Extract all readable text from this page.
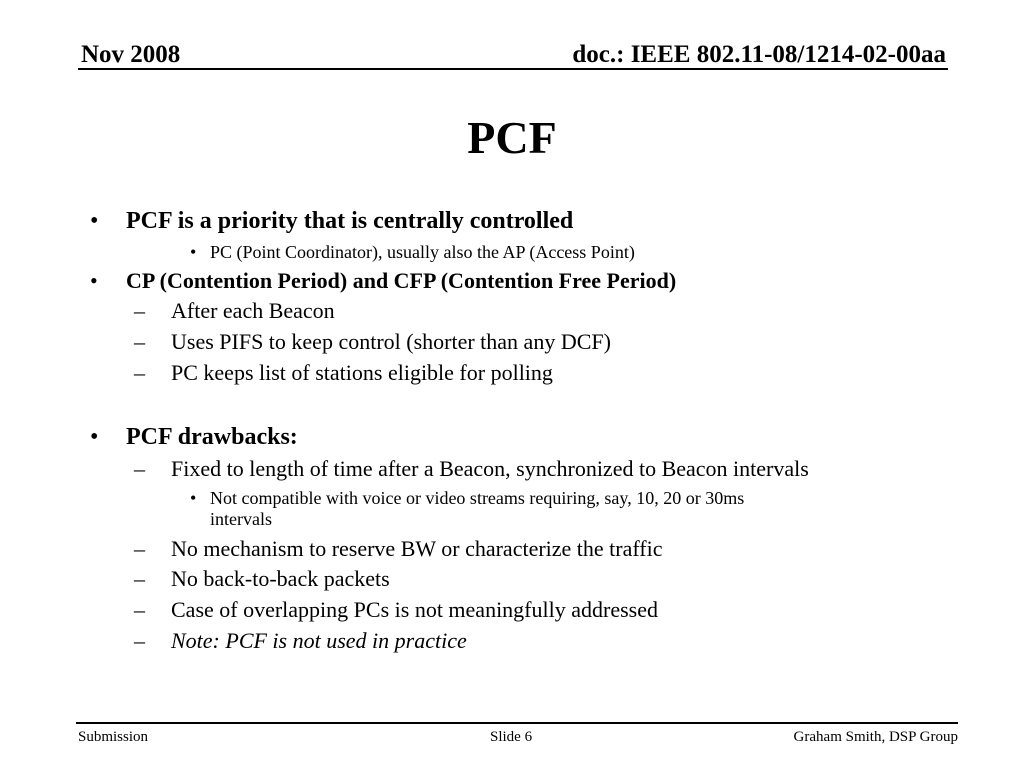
Nov 2008	doc.: IEEE 802.11-08/1214-02-00aa
PCF
• PCF is a priority that is centrally controlled
• PC (Point Coordinator), usually also the AP (Access Point)
• CP (Contention Period) and CFP (Contention Free Period)
– After each Beacon
– Uses PIFS to keep control (shorter than any DCF)
– PC keeps list of stations eligible for polling
• PCF drawbacks:
– Fixed to length of time after a Beacon, synchronized to Beacon intervals
• Not compatible with voice or video streams requiring, say, 10, 20 or 30ms
intervals
– No mechanism to reserve BW or characterize the traffic
– No back-to-back packets
– Case of overlapping PCs is not meaningfully addressed
– Note: PCF is not used in practice
Submission	Slide 6	Graham Smith, DSP Group
